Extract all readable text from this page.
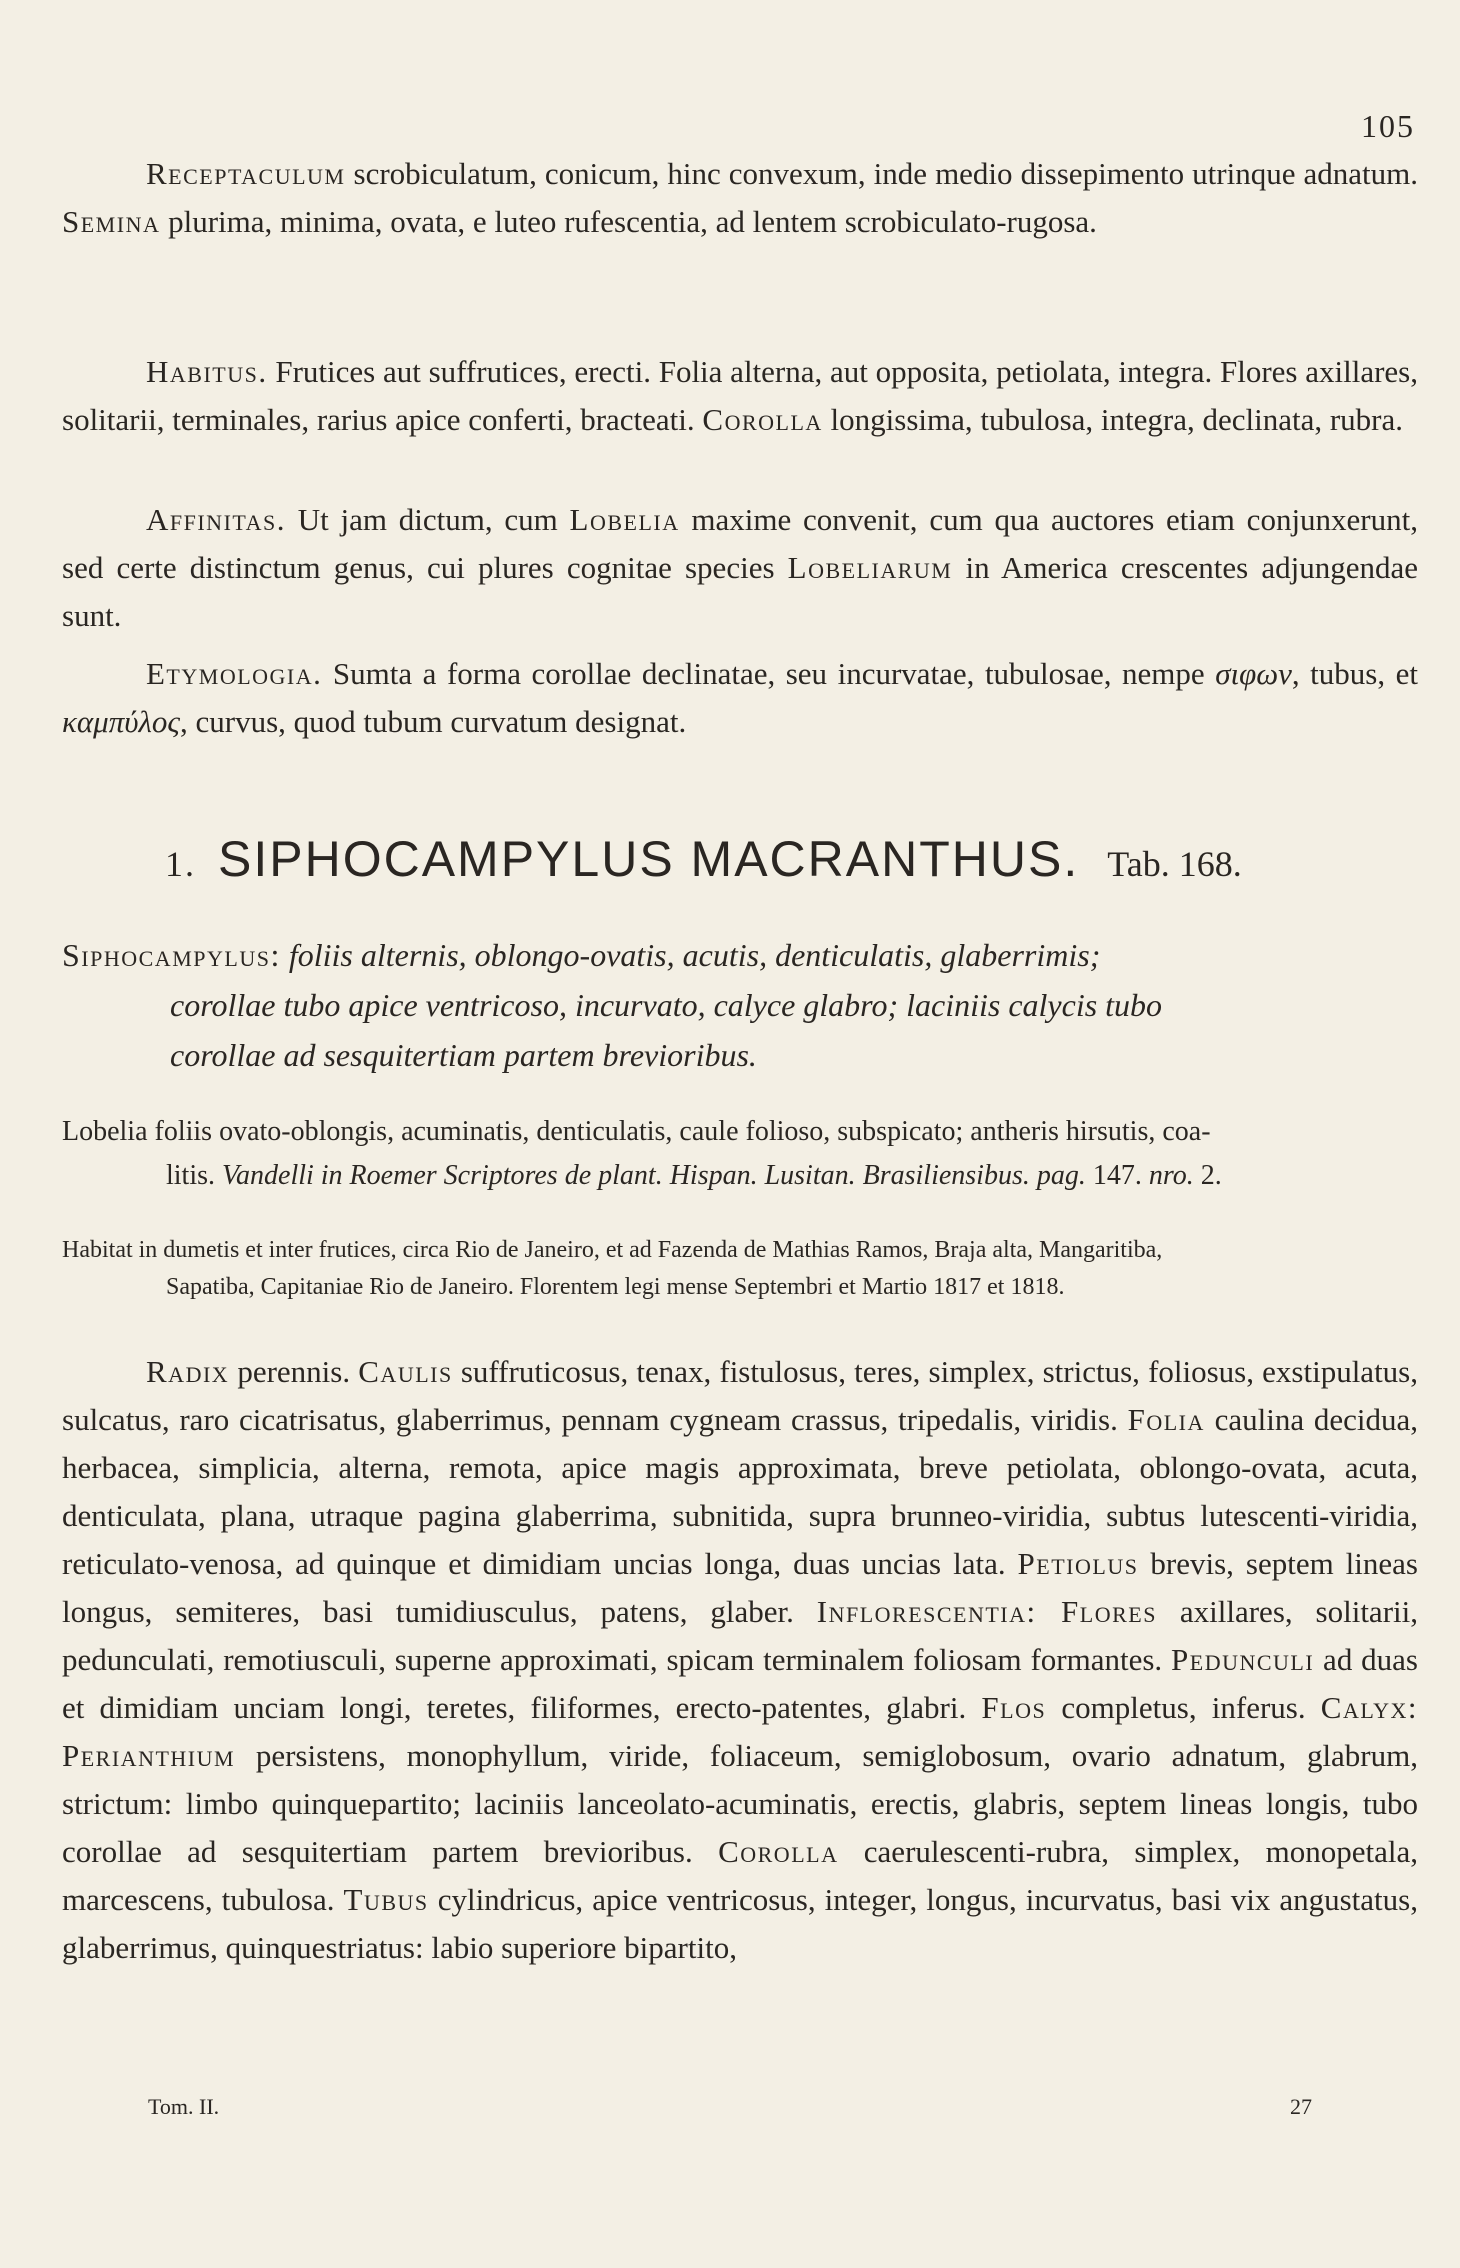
105

Receptaculum scrobiculatum, conicum, hinc convexum, inde medio dissepimento utrinque adnatum. Semina plurima, minima, ovata, e luteo rufescentia, ad lentem scrobiculato-rugosa.

Habitus. Frutices aut suffrutices, erecti. Folia alterna, aut opposita, petiolata, integra. Flores axillares, solitarii, terminales, rarius apice conferti, bracteati. Corolla longissima, tubulosa, integra, declinata, rubra.

Affinitas. Ut jam dictum, cum Lobelia maxime convenit, cum qua auctores etiam conjunxerunt, sed certe distinctum genus, cui plures cognitae species Lobeliarum in America crescentes adjungendae sunt.

Etymologia. Sumta a forma corollae declinatae, seu incurvatae, tubulosae, nempe σιφων, tubus, et καμπύλος, curvus, quod tubum curvatum designat.

1. SIPHOCAMPYLUS MACRANTHUS. Tab. 168.
Siphocampylus: foliis alternis, oblongo-ovatis, acutis, denticulatis, glaberrimis;
corollae tubo apice ventricoso, incurvato, calyce glabro; laciniis calycis tubo
corollae ad sesquitertiam partem brevioribus.
Lobelia foliis ovato-oblongis, acuminatis, denticulatis, caule folioso, subspicato; antheris hirsutis, coa-
litis. Vandelli in Roemer Scriptores de plant. Hispan. Lusitan. Brasiliensibus. pag. 147. nro. 2.
Habitat in dumetis et inter frutices, circa Rio de Janeiro, et ad Fazenda de Mathias Ramos, Braja alta, Mangaritiba,
Sapatiba, Capitaniae Rio de Janeiro. Florentem legi mense Septembri et Martio 1817 et 1818.

Radix perennis. Caulis suffruticosus, tenax, fistulosus, teres, simplex, strictus, foliosus, exstipulatus, sulcatus, raro cicatrisatus, glaberrimus, pennam cygneam crassus, tripedalis, viridis. Folia caulina decidua, herbacea, simplicia, alterna, remota, apice magis approximata, breve petiolata, oblongo-ovata, acuta, denticulata, plana, utraque pagina glaberrima, subnitida, supra brunneo-viridia, subtus lutescenti-viridia, reticulato-venosa, ad quinque et dimidiam uncias longa, duas uncias lata. Petiolus brevis, septem lineas longus, semiteres, basi tumidiusculus, patens, glaber. Inflorescentia: Flores axillares, solitarii, pedunculati, remotiusculi, superne approximati, spicam terminalem foliosam formantes. Pedunculi ad duas et dimidiam unciam longi, teretes, filiformes, erecto-patentes, glabri. Flos completus, inferus. Calyx: Perianthium persistens, monophyllum, viride, foliaceum, semiglobosum, ovario adnatum, glabrum, strictum: limbo quinquepartito; laciniis lanceolato-acuminatis, erectis, glabris, septem lineas longis, tubo corollae ad sesquitertiam partem brevioribus. Corolla caerulescenti-rubra, simplex, monopetala, marcescens, tubulosa. Tubus cylindricus, apice ventricosus, integer, longus, incurvatus, basi vix angustatus, glaberrimus, quinquestriatus: labio superiore bipartito,

Tom. II.	27
